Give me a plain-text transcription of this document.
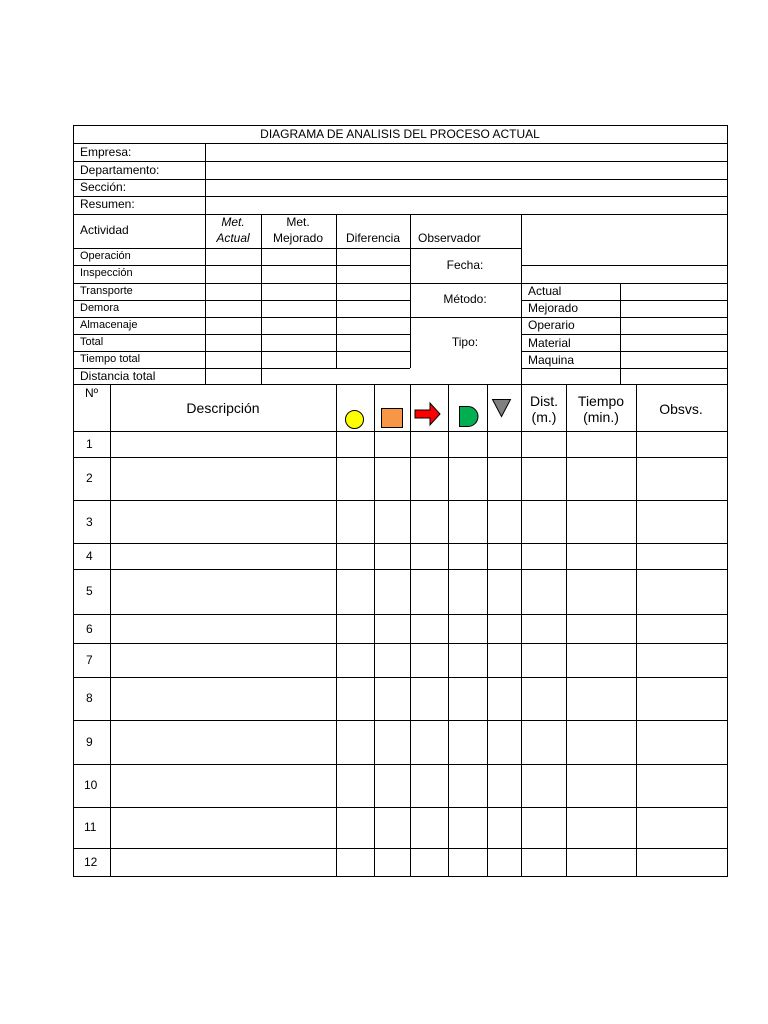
DIAGRAMA DE ANALISIS DEL PROCESO ACTUAL
Empresa:
Departamento:
Sección:
Resumen:
Actividad
Met.
Actual
Met.
Mejorado Diferencia Observador
Fecha:
Método:
Tipo:
Actual
Mejorado
Operario
Material
Maquina
Operación
Inspección
Transporte
Demora
Almacenaje
Total
Tiempo total
Distancia total
Nº
Descripción	Dist.
(m.)
Tiempo
(min.)	Obsvs.
1
2
3
4
5
6
7
8
9
10
11
12
